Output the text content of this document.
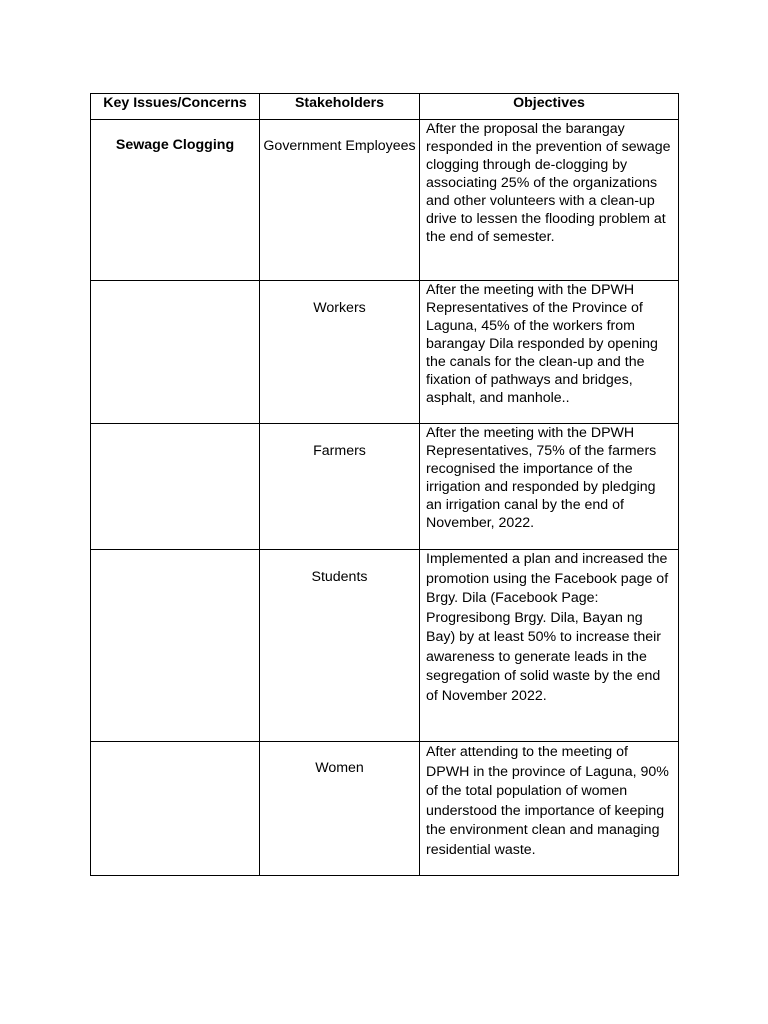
Key Issues/Concerns	Stakeholders	Objectives
Sewage Clogging	Government Employees	After the proposal the barangay responded in the prevention of sewage clogging through de-clogging by associating 25% of the organizations and other volunteers with a clean-up drive to lessen the flooding problem at the end of semester.
	Workers	After the meeting with the DPWH Representatives of the Province of Laguna, 45% of the workers from barangay Dila responded by opening the canals for the clean-up and the fixation of pathways and bridges, asphalt, and manhole..
	Farmers	After the meeting with the DPWH Representatives, 75% of the farmers recognised the importance of the irrigation and responded by pledging an irrigation canal by the end of November, 2022.
	Students	Implemented a plan and increased the promotion using the Facebook page of Brgy. Dila (Facebook Page: Progresibong Brgy. Dila, Bayan ng Bay) by at least 50% to increase their awareness to generate leads in the segregation of solid waste by the end of November 2022.
	Women	After attending to the meeting of DPWH in the province of Laguna, 90% of the total population of women understood the importance of keeping the environment clean and managing residential waste.
